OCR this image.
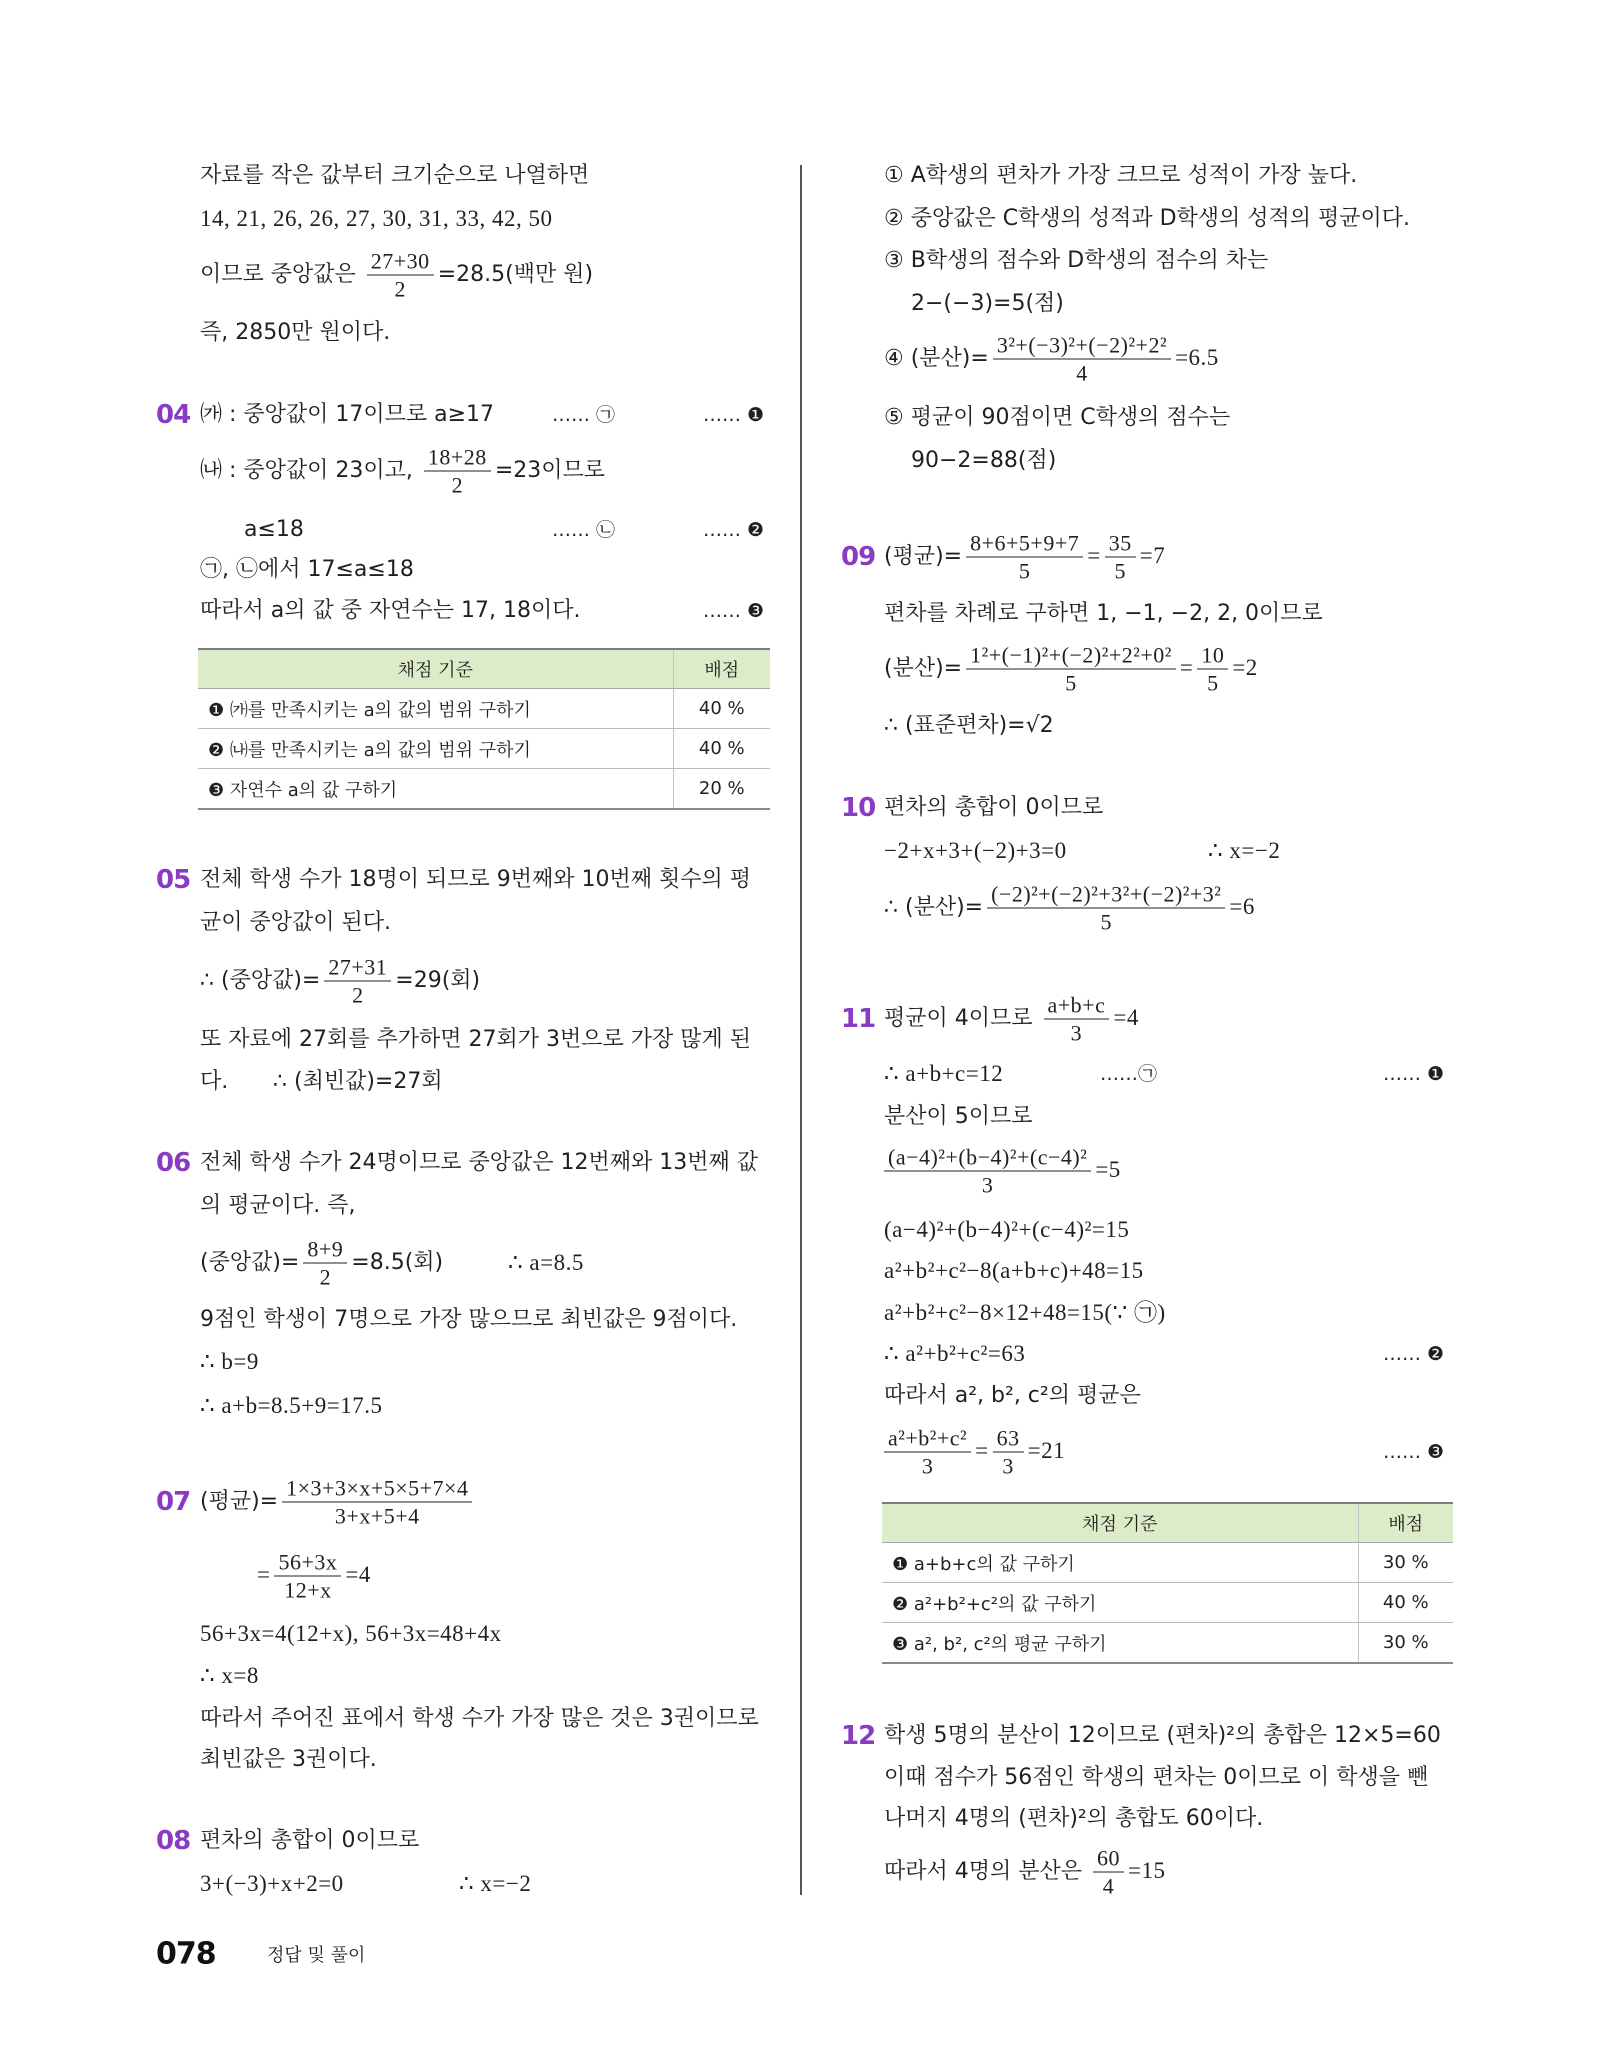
자료를 작은 값부터 크기순으로 나열하면
14, 21, 26, 26, 27, 30, 31, 33, 42, 50
이므로 중앙값은 $\frac{27+30}{2} =28.5$(백만 원)
즉, 2850만 원이다.
04 ㈎ : 중앙값이 17이므로 a≥17	…… ㉠	…… ❶
㈏ : 중앙값이 23이고, $\frac{18+28}{2} =23$이므로
a≤18	…… ㉡	…… ❷
㉠, ㉡에서 17≤a≤18
따라서 a의 값 중 자연수는 17, 18이다.	…… ❸
채점 기준	배점
❶ ㈎를 만족시키는 a의 값의 범위 구하기	40 %
❷ ㈏를 만족시키는 a의 값의 범위 구하기	40 %
❸ 자연수 a의 값 구하기	20 %
05 전체 학생 수가 18명이 되므로 9번째와 10번째 횟수의 평
균이 중앙값이 된다.
∴ (중앙값)= $\frac{27+31}{2} =29$(회)
또 자료에 27회를 추가하면 27회가 3번으로 가장 많게 된
다. ∴ (최빈값)=27회
06 전체 학생 수가 24명이므로 중앙값은 12번째와 13번째 값
의 평균이다. 즉,
(중앙값)= $\frac{8+9}{2} =8.5$(회)	∴ a=8.5
9점인 학생이 7명으로 가장 많으므로 최빈값은 9점이다.
∴ b=9
∴ a+b=8.5+9=17.5
07 (평균)= $\frac{1\times 3+3\times x+5\times 5+7\times 4}{3+x+5+4}$
= $\frac{56+3x}{12+x} =4$
56+3x=4(12+x), 56+3x=48+4x
∴ x=8
따라서 주어진 표에서 학생 수가 가장 많은 것은 3권이므로
최빈값은 3권이다.
08 편차의 총합이 0이므로
3+(−3)+x+2=0	∴ x=−2
① A학생의 편차가 가장 크므로 성적이 가장 높다.
② 중앙값은 C학생의 성적과 D학생의 성적의 평균이다.
③ B학생의 점수와 D학생의 점수의 차는
2−(−3)=5(점)
④ (분산)= $\frac{\text{3²+(−3)²+(−2)²+2²}}{4} =6.5$
⑤ 평균이 90점이면 C학생의 점수는
90−2=88(점)
09 (평균)= $\frac{8+6+5+9+7}{5} = \frac{35}{5} =7$
편차를 차례로 구하면 1, −1, −2, 2, 0이므로
(분산)= $\frac{\text{1²+(−1)²+(−2)²+2²+0²}}{5} = \frac{10}{5} =2$
∴ (표준편차)=√2
10 편차의 총합이 0이므로
−2+x+3+(−2)+3=0	∴ x=−2
∴ (분산)= $\frac{\text{(−2)²+(−2)²+3²+(−2)²+3²}}{5} =6$
11 평균이 4이므로 $\frac{a+b+c}{3} =4$
∴ a+b+c=12	……㉠	…… ❶
분산이 5이므로
$\frac{\text{(a−4)²+(b−4)²+(c−4)²}}{3} =5$
(a−4)²+(b−4)²+(c−4)²=15
a²+b²+c²−8(a+b+c)+48=15
a²+b²+c²−8×12+48=15(∵ ㉠)
∴ a²+b²+c²=63	…… ❷
따라서 a², b², c²의 평균은
$\frac{\text{a²+b²+c²}}{3} = \frac{63}{3} =21$	…… ❸
채점 기준	배점
❶ a+b+c의 값 구하기	30 %
❷ a²+b²+c²의 값 구하기	40 %
❸ a², b², c²의 평균 구하기	30 %
12 학생 5명의 분산이 12이므로 (편차)²의 총합은 12×5=60
이때 점수가 56점인 학생의 편차는 0이므로 이 학생을 뺀
나머지 4명의 (편차)²의 총합도 60이다.
따라서 4명의 분산은 $\frac{60}{4} =15$
078	정답 및 풀이
